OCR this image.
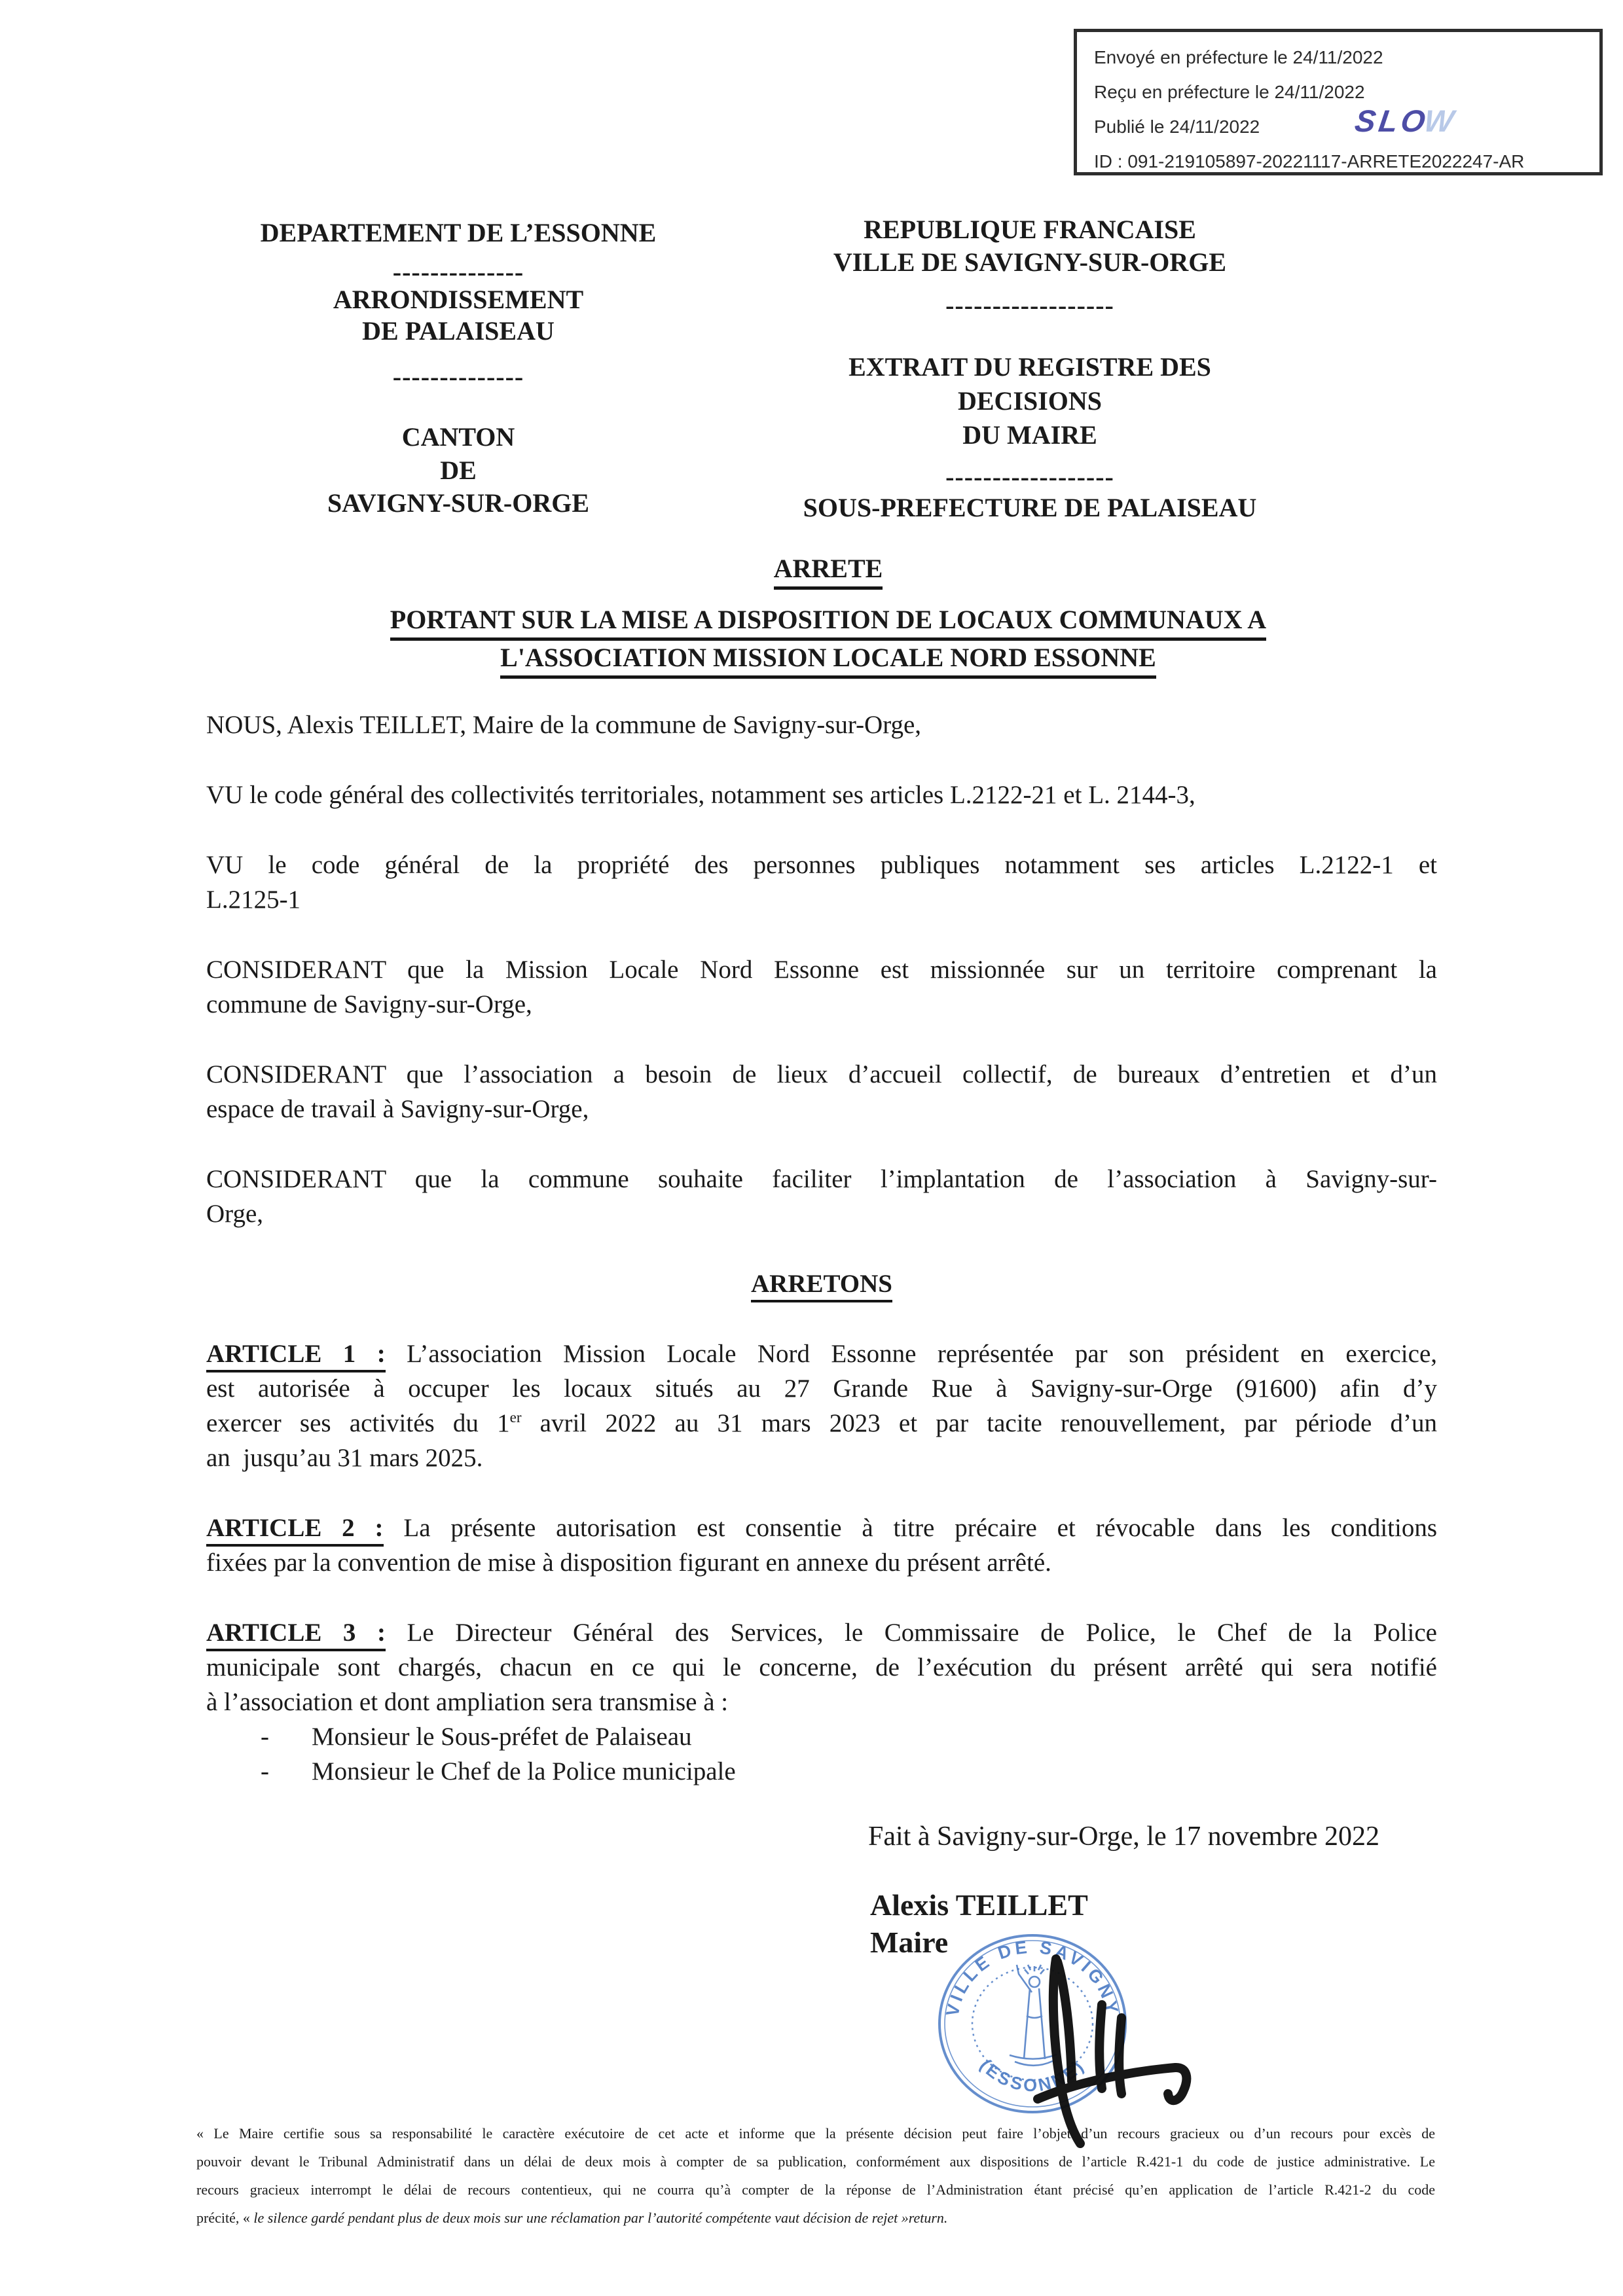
Envoyé en préfecture le 24/11/2022
Reçu en préfecture le 24/11/2022
Publié le 24/11/2022
ID : 091-219105897-20221117-ARRETE2022247-AR
SLOW
DEPARTEMENT DE L’ESSONNE
--------------
ARRONDISSEMENT
DE PALAISEAU
--------------
CANTON
DE
SAVIGNY-SUR-ORGE
REPUBLIQUE FRANCAISE
VILLE DE SAVIGNY-SUR-ORGE
------------------
EXTRAIT DU REGISTRE DES
DECISIONS
DU MAIRE
------------------
SOUS-PREFECTURE DE PALAISEAU
ARRETE
PORTANT SUR LA MISE A DISPOSITION DE LOCAUX COMMUNAUX A
L'ASSOCIATION MISSION LOCALE NORD ESSONNE
NOUS, Alexis TEILLET, Maire de la commune de Savigny-sur-Orge,
VU le code général des collectivités territoriales, notamment ses articles L.2122-21 et L. 2144-3,
VU le code général de la propriété des personnes publiques notamment ses articles L.2122-1 et
L.2125-1
CONSIDERANT que la Mission Locale Nord Essonne est missionnée sur un territoire comprenant la
commune de Savigny-sur-Orge,
CONSIDERANT que l’association a besoin de lieux d’accueil collectif, de bureaux d’entretien et d’un
espace de travail à Savigny-sur-Orge,
CONSIDERANT que la commune souhaite faciliter l’implantation de l’association à Savigny-sur-
Orge,
ARRETONS
ARTICLE 1 : L’association Mission Locale Nord Essonne représentée par son président en exercice,
est autorisée à occuper les locaux situés au 27 Grande Rue à Savigny-sur-Orge (91600) afin d’y
exercer ses activités du 1er avril 2022 au 31 mars 2023 et par tacite renouvellement, par période d’un
an  jusqu’au 31 mars 2025.
ARTICLE 2 : La présente autorisation est consentie à titre précaire et révocable dans les conditions
fixées par la convention de mise à disposition figurant en annexe du présent arrêté.
ARTICLE 3 : Le Directeur Général des Services, le Commissaire de Police, le Chef de la Police
municipale sont chargés, chacun en ce qui le concerne, de l’exécution du présent arrêté qui sera notifié
à l’association et dont ampliation sera transmise à :
- Monsieur le Sous-préfet de Palaiseau
- Monsieur le Chef de la Police municipale
Fait à Savigny-sur-Orge, le 17 novembre 2022
Alexis TEILLET
Maire
VILLE DE SAVIGNY
(ESSONNE)
« Le Maire certifie sous sa responsabilité le caractère exécutoire de cet acte et informe que la présente décision peut faire l’objet d’un recours gracieux ou d’un recours pour excès de
pouvoir devant le Tribunal Administratif dans un délai de deux mois à compter de sa publication, conformément aux dispositions de l’article R.421-1 du code de justice administrative. Le
recours gracieux interrompt le délai de recours contentieux, qui ne courra qu’à compter de la réponse de l’Administration étant précisé qu’en application de l’article R.421-2 du code
précité, « le silence gardé pendant plus de deux mois sur une réclamation par l’autorité compétente vaut décision de rejet »return.
